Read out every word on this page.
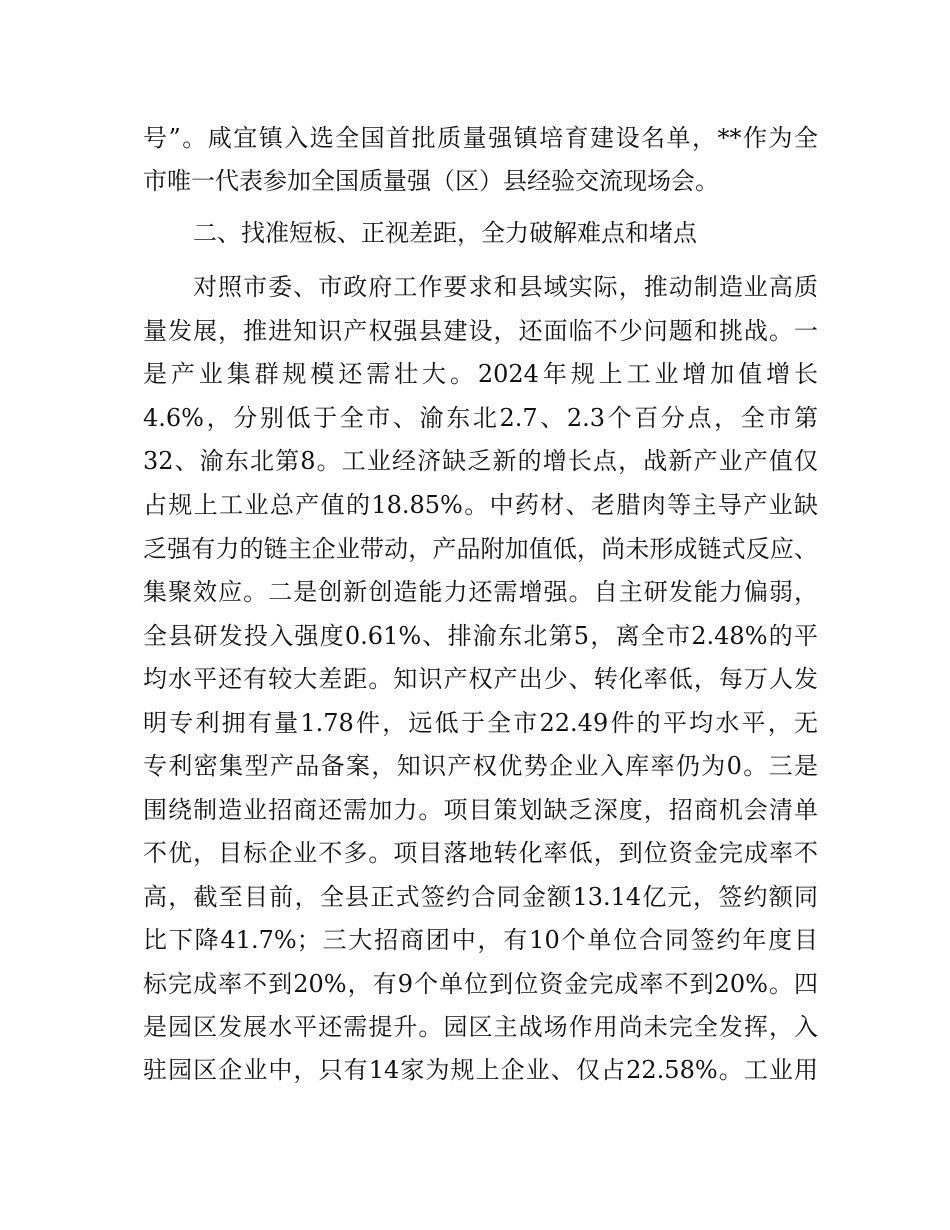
号”。咸宜镇入选全国首批质量强镇培育建设名单，**作为全
市唯一代表参加全国质量强（区）县经验交流现场会。
二、找准短板、正视差距，全力破解难点和堵点
对照市委、市政府工作要求和县域实际，推动制造业高质
量发展，推进知识产权强县建设，还面临不少问题和挑战。一
是产业集群规模还需壮大。2024年规上工业增加值增长
4.6%，分别低于全市、渝东北2.7、2.3个百分点，全市第
32、渝东北第8。工业经济缺乏新的增长点，战新产业产值仅
占规上工业总产值的18.85%。中药材、老腊肉等主导产业缺
乏强有力的链主企业带动，产品附加值低，尚未形成链式反应、
集聚效应。二是创新创造能力还需增强。自主研发能力偏弱，
全县研发投入强度0.61%、排渝东北第5，离全市2.48%的平
均水平还有较大差距。知识产权产出少、转化率低，每万人发
明专利拥有量1.78件，远低于全市22.49件的平均水平，无
专利密集型产品备案，知识产权优势企业入库率仍为0。三是
围绕制造业招商还需加力。项目策划缺乏深度，招商机会清单
不优，目标企业不多。项目落地转化率低，到位资金完成率不
高，截至目前，全县正式签约合同金额13.14亿元，签约额同
比下降41.7%；三大招商团中，有10个单位合同签约年度目
标完成率不到20%，有9个单位到位资金完成率不到20%。四
是园区发展水平还需提升。园区主战场作用尚未完全发挥，入
驻园区企业中，只有14家为规上企业、仅占22.58%。工业用
